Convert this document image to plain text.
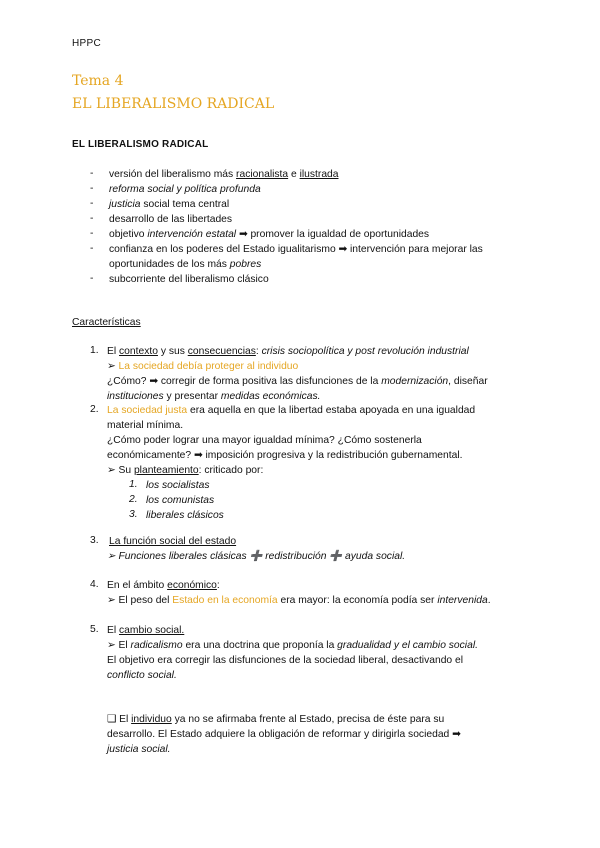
HPPC
Tema 4
EL LIBERALISMO RADICAL
EL LIBERALISMO RADICAL
- versión del liberalismo más racionalista e ilustrada
- reforma social y política profunda
- justicia social tema central
- desarrollo de las libertades
- objetivo intervención estatal ➡ promover la igualdad de oportunidades
- confianza en los poderes del Estado igualitarismo ➡ intervención para mejorar las
oportunidades de los más pobres
- subcorriente del liberalismo clásico
Características
1. El contexto y sus consecuencias: crisis sociopolítica y post revolución industrial
➢ La sociedad debía proteger al individuo
¿Cómo? ➡ corregir de forma positiva las disfunciones de la modernización, diseñar
instituciones y presentar medidas económicas.
2. La sociedad justa era aquella en que la libertad estaba apoyada en una igualdad
material mínima.
¿Cómo poder lograr una mayor igualdad mínima? ¿Cómo sostenerla
económicamente? ➡ imposición progresiva y la redistribución gubernamental.
➢ Su planteamiento: criticado por:
1. los socialistas
2. los comunistas
3. liberales clásicos
3. La función social del estado
➢ Funciones liberales clásicas ➕ redistribución ➕ ayuda social.
4. En el ámbito económico:
➢ El peso del Estado en la economía era mayor: la economía podía ser intervenida.
5. El cambio social.
➢ El radicalismo era una doctrina que proponía la gradualidad y el cambio social.
El objetivo era corregir las disfunciones de la sociedad liberal, desactivando el
conflicto social.
❑ El individuo ya no se afirmaba frente al Estado, precisa de éste para su
desarrollo. El Estado adquiere la obligación de reformar y dirigirla sociedad ➡
justicia social.
